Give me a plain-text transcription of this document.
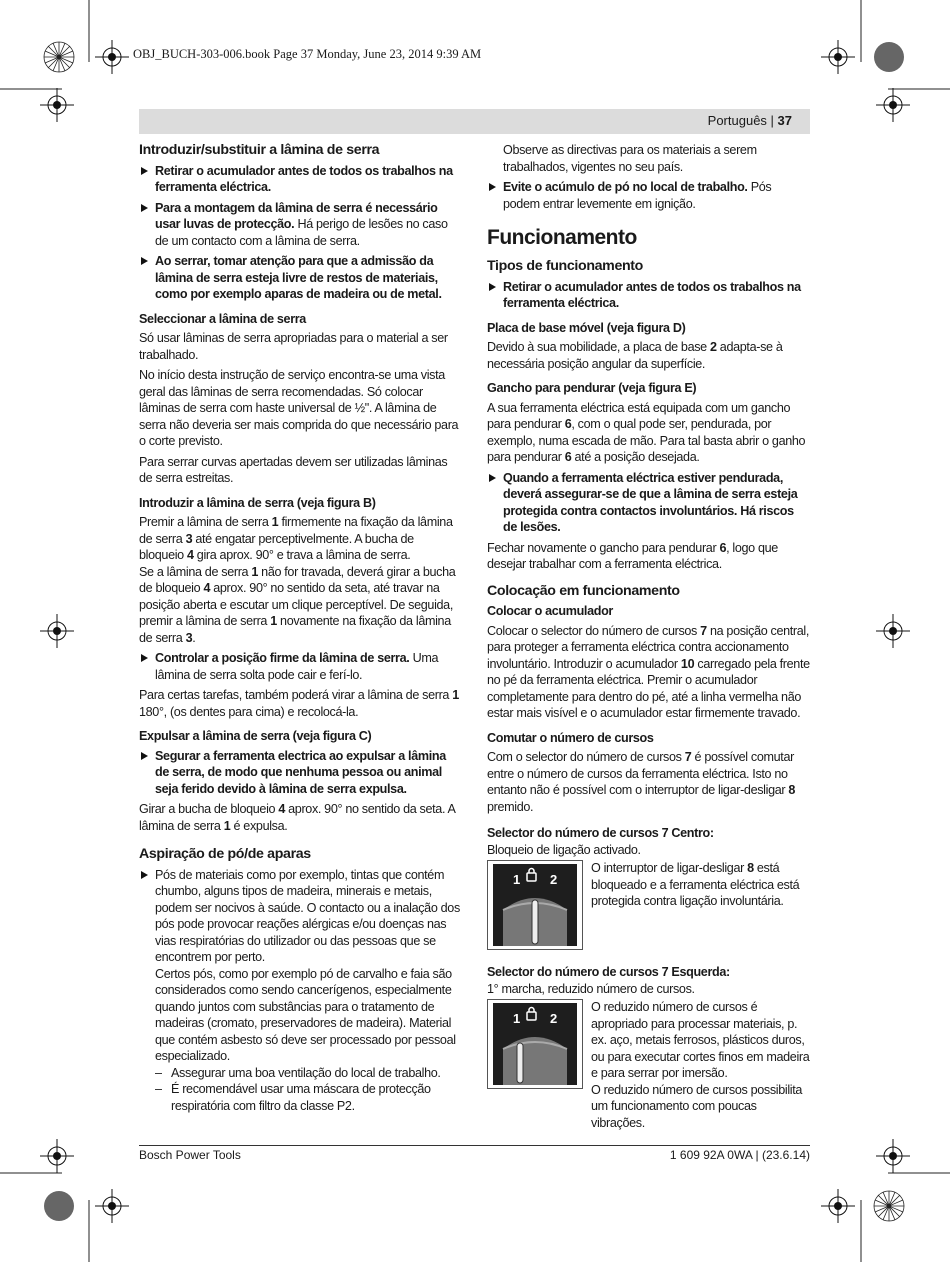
OBJ_BUCH-303-006.book Page 37 Monday, June 23, 2014 9:39 AM
Português | 37
Introduzir/substituir a lâmina de serra
Retirar o acumulador antes de todos os trabalhos na ferramenta eléctrica.
Para a montagem da lâmina de serra é necessário usar luvas de protecção. Há perigo de lesões no caso de um contacto com a lâmina de serra.
Ao serrar, tomar atenção para que a admissão da lâmina de serra esteja livre de restos de materiais, como por exemplo aparas de madeira ou de metal.
Seleccionar a lâmina de serra

Só usar lâminas de serra apropriadas para o material a ser trabalhado.

No início desta instrução de serviço encontra-se uma vista geral das lâminas de serra recomendadas. Só colocar lâminas de serra com haste universal de ½". A lâmina de serra não deveria ser mais comprida do que necessário para o corte previsto.

Para serrar curvas apertadas devem ser utilizadas lâminas de serra estreitas.

Introduzir a lâmina de serra (veja figura B)

Premir a lâmina de serra 1 firmemente na fixação da lâmina de serra 3 até engatar perceptivelmente. A bucha de bloqueio 4 gira aprox. 90° e trava a lâmina de serra.

Se a lâmina de serra 1 não for travada, deverá girar a bucha de bloqueio 4 aprox. 90° no sentido da seta, até travar na posição aberta e escutar um clique perceptível. De seguida, premir a lâmina de serra 1 novamente na fixação da lâmina de serra 3.

Controlar a posição firme da lâmina de serra. Uma lâmina de serra solta pode cair e ferí-lo.

Para certas tarefas, também poderá virar a lâmina de serra 1 180°, (os dentes para cima) e recolocá-la.

Expulsar a lâmina de serra (veja figura C)
Segurar a ferramenta electrica ao expulsar a lâmina de serra, de modo que nenhuma pessoa ou animal seja ferido devido à lâmina de serra expulsa.

Girar a bucha de bloqueio 4 aprox. 90° no sentido da seta. A lâmina de serra 1 é expulsa.

Aspiração de pó/de aparas
Pós de materiais como por exemplo, tintas que contém chumbo, alguns tipos de madeira, minerais e metais, podem ser nocivos à saúde. O contacto ou a inalação dos pós pode provocar reações alérgicas e/ou doenças nas vias respiratórias do utilizador ou das pessoas que se encontrem por perto.
Certos pós, como por exemplo pó de carvalho e faia são considerados como sendo cancerígenos, especialmente quando juntos com substâncias para o tratamento de madeiras (cromato, preservadores de madeira). Material que contém asbesto só deve ser processado por pessoal especializado.
– Assegurar uma boa ventilação do local de trabalho.
– É recomendável usar uma máscara de protecção respiratória com filtro da classe P2.
Observe as directivas para os materiais a serem trabalhados, vigentes no seu país.
Evite o acúmulo de pó no local de trabalho. Pós podem entrar levemente em ignição.
Funcionamento
Tipos de funcionamento
Retirar o acumulador antes de todos os trabalhos na ferramenta eléctrica.
Placa de base móvel (veja figura D)

Devido à sua mobilidade, a placa de base 2 adapta-se à necessária posição angular da superfície.

Gancho para pendurar (veja figura E)

A sua ferramenta eléctrica está equipada com um gancho para pendurar 6, com o qual pode ser, pendurada, por exemplo, numa escada de mão. Para tal basta abrir o ganho para pendurar 6 até a posição desejada.

Quando a ferramenta eléctrica estiver pendurada, deverá assegurar-se de que a lâmina de serra esteja protegida contra contactos involuntários. Há riscos de lesões.

Fechar novamente o gancho para pendurar 6, logo que desejar trabalhar com a ferramenta eléctrica.

Colocação em funcionamento
Colocar o acumulador

Colocar o selector do número de cursos 7 na posição central, para proteger a ferramenta eléctrica contra accionamento involuntário. Introduzir o acumulador 10 carregado pela frente no pé da ferramenta eléctrica. Premir o acumulador completamente para dentro do pé, até a linha vermelha não estar mais visível e o acumulador estar firmemente travado.

Comutar o número de cursos

Com o selector do número de cursos 7 é possível comutar entre o número de cursos da ferramenta eléctrica. Isto no entanto não é possível com o interruptor de ligar-desligar 8 premido.

Selector do número de cursos 7 Centro:

Bloqueio de ligação activado.

1 2

O interruptor de ligar-desligar 8 está bloqueado e a ferramenta eléctrica está protegida contra ligação involuntária.

Selector do número de cursos 7 Esquerda:

1° marcha, reduzido número de cursos.

1 2

O reduzido número de cursos é apropriado para processar materiais, p. ex. aço, metais ferrosos, plásticos duros, ou para executar cortes finos em madeira e para serrar por imersão.

O reduzido número de cursos possibilita um funcionamento com poucas vibrações.

Bosch Power Tools	1 609 92A 0WA | (23.6.14)
